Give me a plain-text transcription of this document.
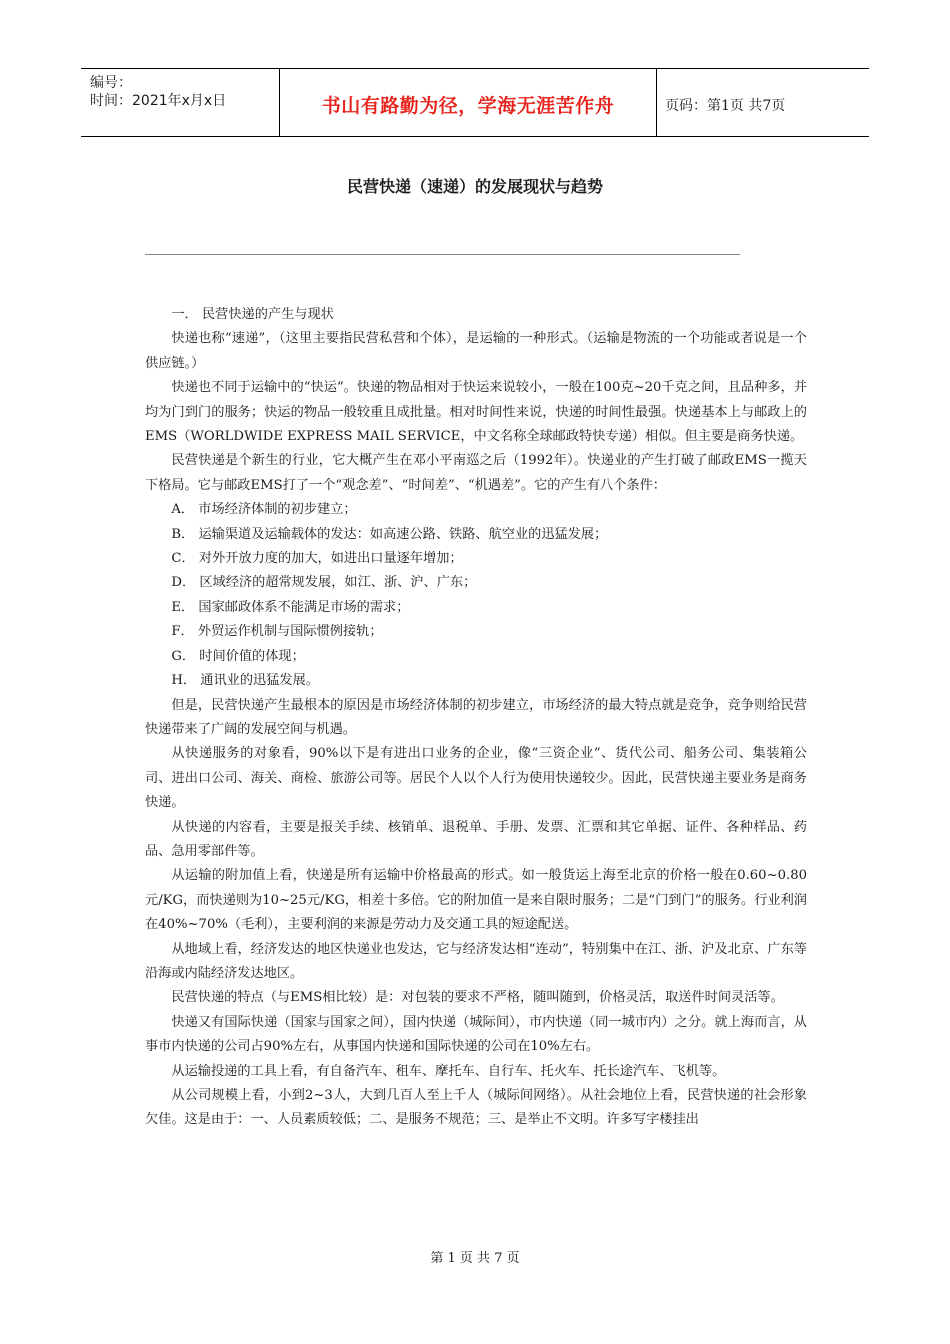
编号：
时间：2021年x月x日	书山有路勤为径，学海无涯苦作舟	页码：第1页 共7页
民营快递（速递）的发展现状与趋势

一． 民营快递的产生与现状

快递也称“速递”，（这里主要指民营私营和个体），是运输的一种形式。（运输是物流的一个功能或者说是一个供应链。）

快递也不同于运输中的“快运”。快递的物品相对于快运来说较小，一般在100克~20千克之间，且品种多，并均为门到门的服务；快运的物品一般较重且成批量。相对时间性来说，快递的时间性最强。快递基本上与邮政上的EMS（WORLDWIDE EXPRESS MAIL SERVICE，中文名称全球邮政特快专递）相似。但主要是商务快递。

民营快递是个新生的行业，它大概产生在邓小平南巡之后（1992年）。快递业的产生打破了邮政EMS一揽天下格局。它与邮政EMS打了一个“观念差”、“时间差”、“机遇差”。它的产生有八个条件：

A． 市场经济体制的初步建立；

B． 运输渠道及运输载体的发达：如高速公路、铁路、航空业的迅猛发展；

C． 对外开放力度的加大，如进出口量逐年增加；

D． 区域经济的超常规发展，如江、浙、沪、广东；

E． 国家邮政体系不能满足市场的需求；

F． 外贸运作机制与国际惯例接轨；

G． 时间价值的体现；

H． 通讯业的迅猛发展。

但是，民营快递产生最根本的原因是市场经济体制的初步建立，市场经济的最大特点就是竞争，竞争则给民营快递带来了广阔的发展空间与机遇。

从快递服务的对象看，90%以下是有进出口业务的企业，像“三资企业”、货代公司、船务公司、集装箱公司、进出口公司、海关、商检、旅游公司等。居民个人以个人行为使用快递较少。因此，民营快递主要业务是商务快递。

从快递的内容看，主要是报关手续、核销单、退税单、手册、发票、汇票和其它单据、证件、各种样品、药品、急用零部件等。

从运输的附加值上看，快递是所有运输中价格最高的形式。如一般货运上海至北京的价格一般在0.60~0.80元/KG，而快递则为10~25元/KG，相差十多倍。它的附加值一是来自限时服务；二是“门到门”的服务。行业利润在40%~70%（毛利），主要利润的来源是劳动力及交通工具的短途配送。

从地域上看，经济发达的地区快递业也发达，它与经济发达相“连动”，特别集中在江、浙、沪及北京、广东等沿海或内陆经济发达地区。

民营快递的特点（与EMS相比较）是：对包装的要求不严格，随叫随到，价格灵活，取送件时间灵活等。

快递又有国际快递（国家与国家之间），国内快递（城际间），市内快递（同一城市内）之分。就上海而言，从事市内快递的公司占90%左右，从事国内快递和国际快递的公司在10%左右。

从运输投递的工具上看，有自备汽车、租车、摩托车、自行车、托火车、托长途汽车、飞机等。

从公司规模上看，小到2~3人，大到几百人至上千人（城际间网络）。从社会地位上看，民营快递的社会形象欠佳。这是由于：一、人员素质较低；二、是服务不规范；三、是举止不文明。许多写字楼挂出

第 1 页 共 7 页
